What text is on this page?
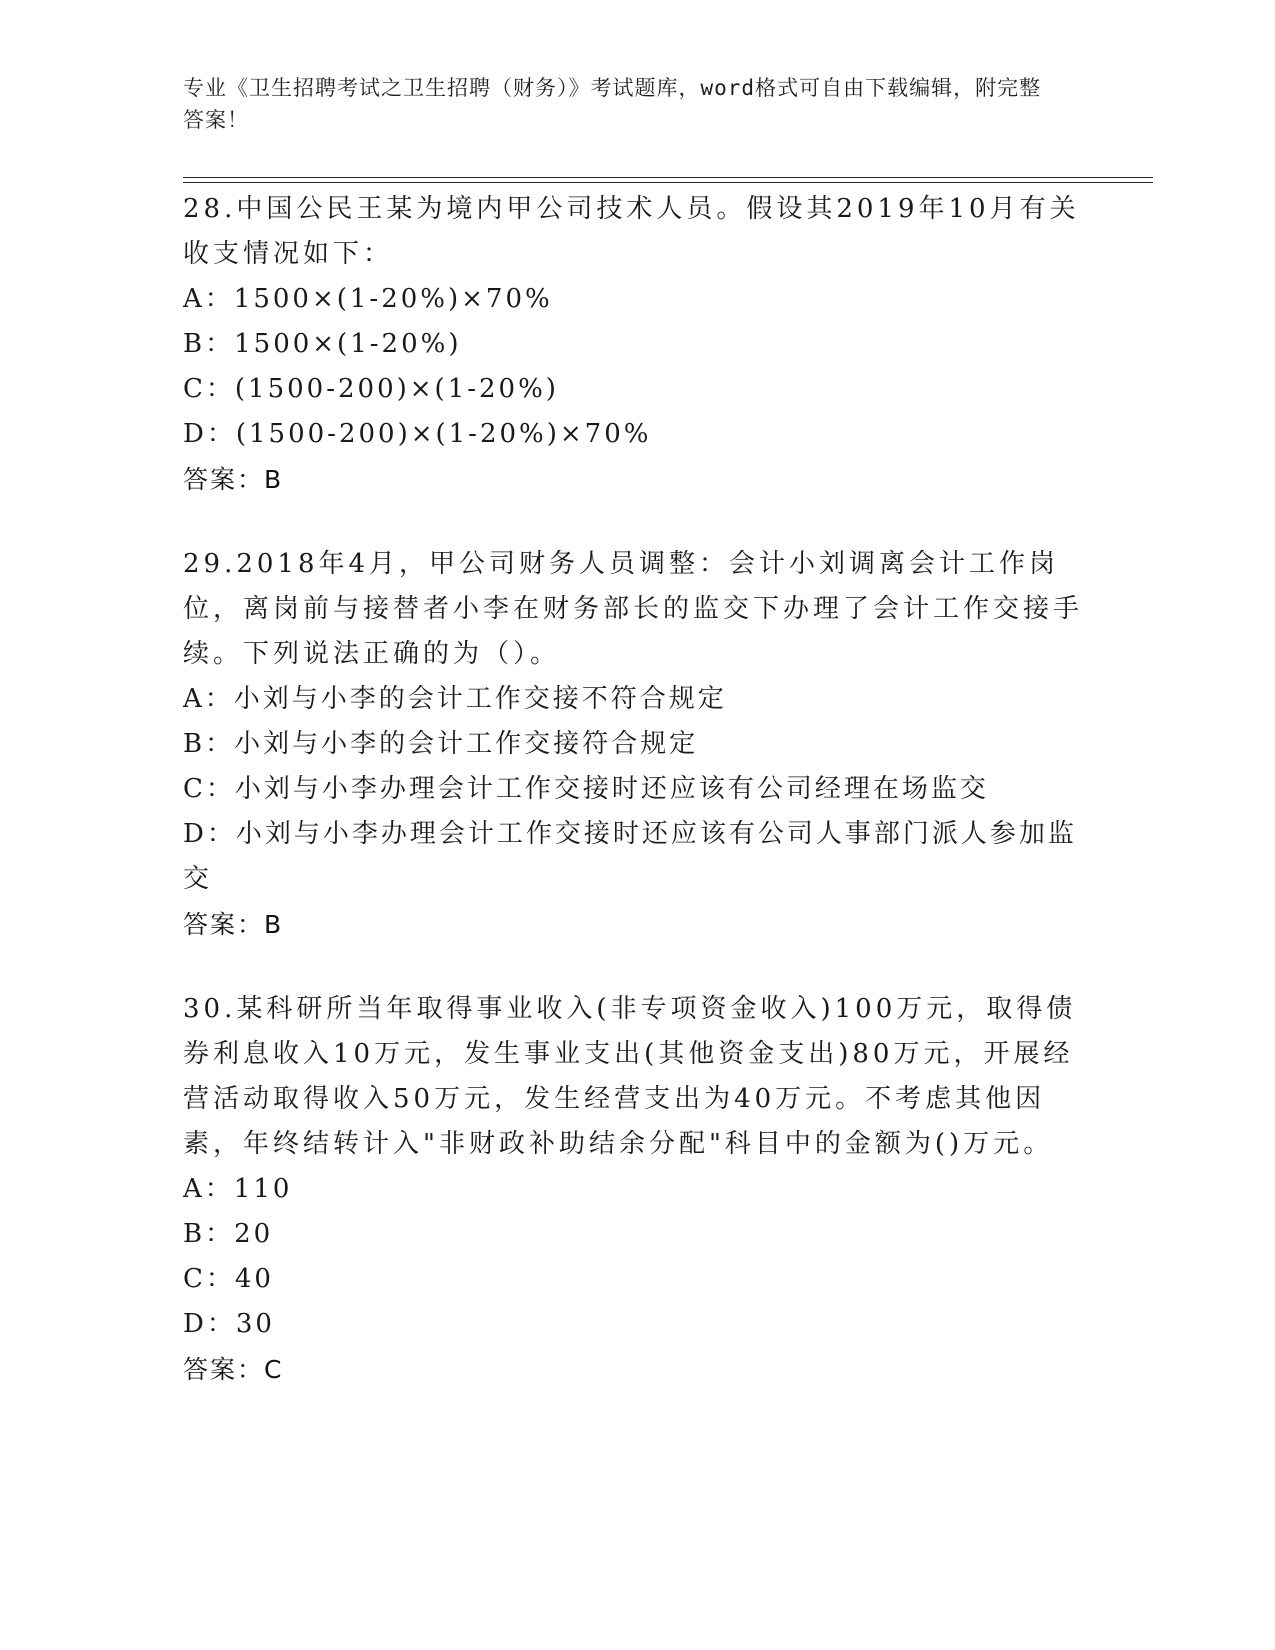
专业《卫生招聘考试之卫生招聘（财务）》考试题库，word格式可自由下载编辑，附完整答案！

28.中国公民王某为境内甲公司技术人员。假设其2019年10月有关收支情况如下：

A：1500×(1-20%)×70%

B：1500×(1-20%)

C：(1500-200)×(1-20%)

D：(1500-200)×(1-20%)×70%

答案：B

29.2018年4月，甲公司财务人员调整：会计小刘调离会计工作岗位，离岗前与接替者小李在财务部长的监交下办理了会计工作交接手续。下列说法正确的为（）。

A：小刘与小李的会计工作交接不符合规定

B：小刘与小李的会计工作交接符合规定

C：小刘与小李办理会计工作交接时还应该有公司经理在场监交

D：小刘与小李办理会计工作交接时还应该有公司人事部门派人参加监交

答案：B

30.某科研所当年取得事业收入(非专项资金收入)100万元，取得债券利息收入10万元，发生事业支出(其他资金支出)80万元，开展经营活动取得收入50万元，发生经营支出为40万元。不考虑其他因素，年终结转计入"非财政补助结余分配"科目中的金额为()万元。

A：110

B：20

C：40

D：30

答案：C
